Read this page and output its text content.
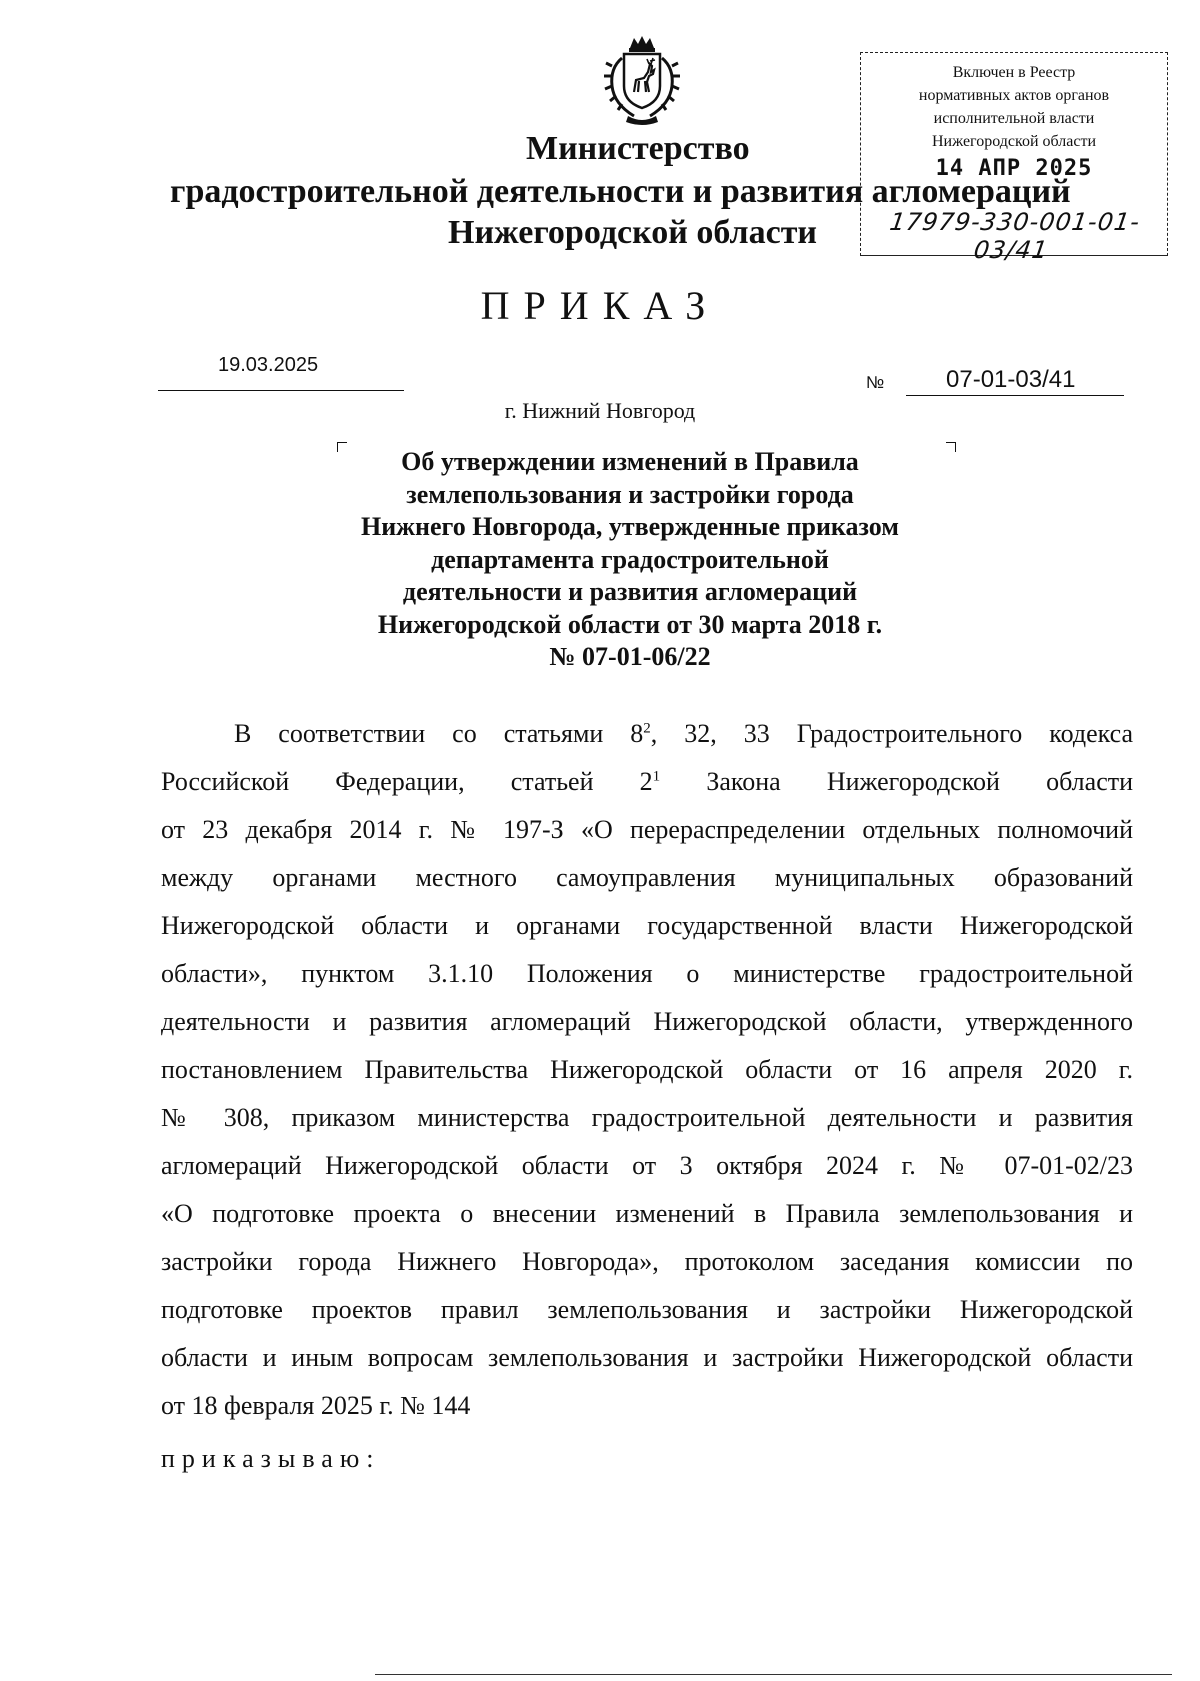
Министерство
градостроительной деятельности и развития агломераций
Нижегородской области
Включен в Реестр
нормативных актов органов
исполнительной власти
Нижегородской области
14 АПР 2025
17979-330-001-01-03/41
ПРИКАЗ
19.03.2025
№	07-01-03/41
г. Нижний Новгород
Об утверждении изменений в Правила
землепользования и застройки города
Нижнего Новгорода, утвержденные приказом
департамента градостроительной
деятельности и развития агломераций
Нижегородской области от 30 марта 2018 г.
№ 07-01-06/22
В соответствии со статьями $8^2$, 32, 33 Градостроительного кодекса
Российской Федерации, статьей $2^1$ Закона Нижегородской области
от 23 декабря 2014 г. № 197-З «О перераспределении отдельных полномочий
между органами местного самоуправления муниципальных образований
Нижегородской области и органами государственной власти Нижегородской
области», пунктом 3.1.10 Положения о министерстве градостроительной
деятельности и развития агломераций Нижегородской области, утвержденного
постановлением Правительства Нижегородской области от 16 апреля 2020 г.
№ 308, приказом министерства градостроительной деятельности и развития
агломераций Нижегородской области от 3 октября 2024 г. № 07-01-02/23
«О подготовке проекта о внесении изменений в Правила землепользования и
застройки города Нижнего Новгорода», протоколом заседания комиссии по
подготовке проектов правил землепользования и застройки Нижегородской
области и иным вопросам землепользования и застройки Нижегородской области
от 18 февраля 2025 г. № 144
приказываю:
